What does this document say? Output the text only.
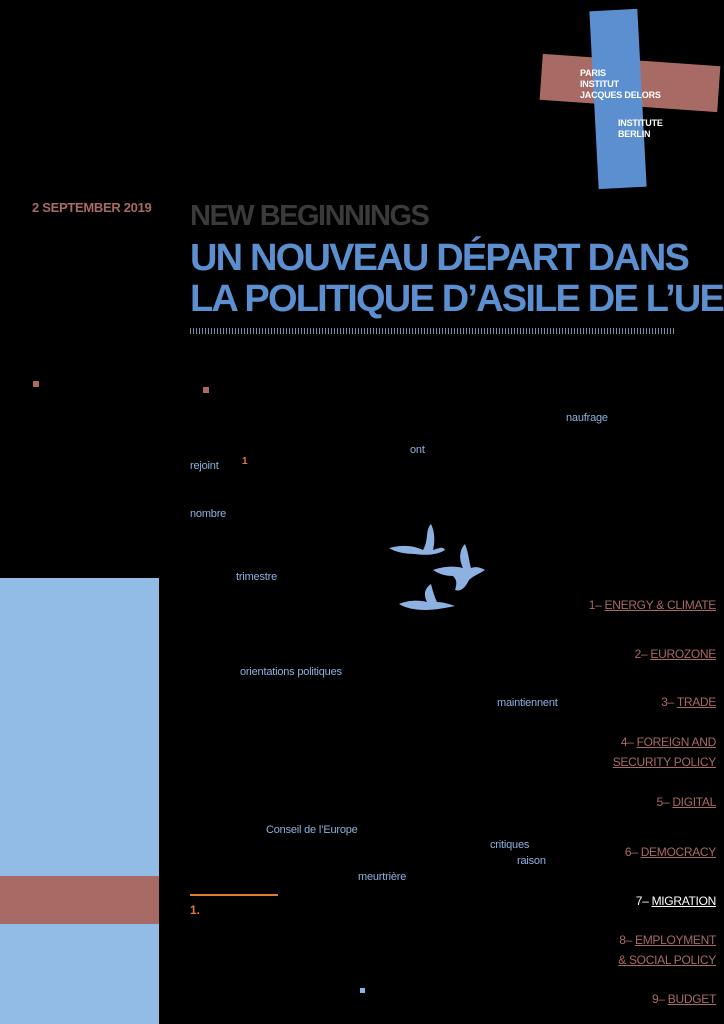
PARIS
INSTITUT
JACQUES DELORS
INSTITUTE
BERLIN
2 SEPTEMBER 2019 NEW BEGINNINGS
UN NOUVEAU DÉPART DANS
LA POLITIQUE D’ASILE DE L’UE
naufrage
ont
rejoint 1
nombre
trimestre
orientations politiques
maintiennent
Conseil de l’Europe
critiques
raison
meurtrière
1– ENERGY & CLIMATE
2– EUROZONE
3– TRADE
4– FOREIGN AND
SECURITY POLICY
5– DIGITAL
6– DEMOCRACY
7– MIGRATION
8– EMPLOYMENT
& SOCIAL POLICY
9– BUDGET
1.
